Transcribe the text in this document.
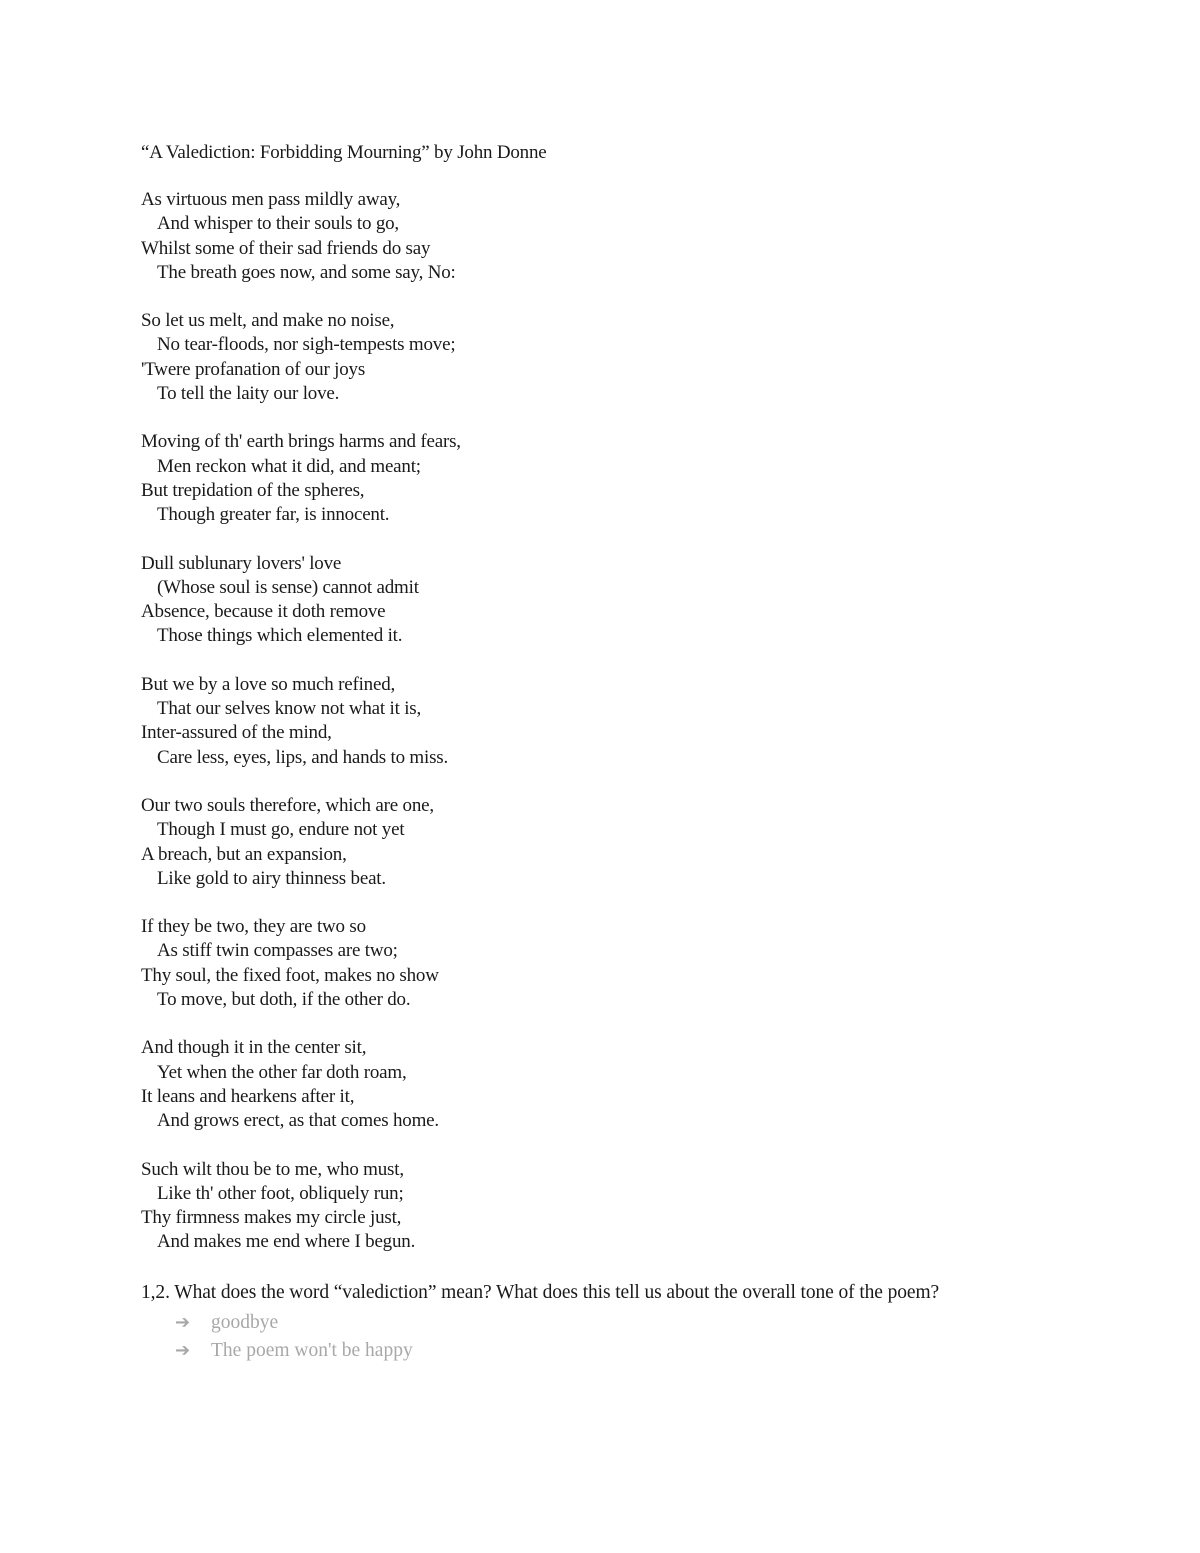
“A Valediction: Forbidding Mourning” by John Donne
As virtuous men pass mildly away,
And whisper to their souls to go,
Whilst some of their sad friends do say
The breath goes now, and some say, No:
So let us melt, and make no noise,
No tear-floods, nor sigh-tempests move;
'Twere profanation of our joys
To tell the laity our love.
Moving of th' earth brings harms and fears,
Men reckon what it did, and meant;
But trepidation of the spheres,
Though greater far, is innocent.
Dull sublunary lovers' love
(Whose soul is sense) cannot admit
Absence, because it doth remove
Those things which elemented it.
But we by a love so much refined,
That our selves know not what it is,
Inter-assured of the mind,
Care less, eyes, lips, and hands to miss.
Our two souls therefore, which are one,
Though I must go, endure not yet
A breach, but an expansion,
Like gold to airy thinness beat.
If they be two, they are two so
As stiff twin compasses are two;
Thy soul, the fixed foot, makes no show
To move, but doth, if the other do.
And though it in the center sit,
Yet when the other far doth roam,
It leans and hearkens after it,
And grows erect, as that comes home.
Such wilt thou be to me, who must,
Like th' other foot, obliquely run;
Thy firmness makes my circle just,
And makes me end where I begun.
1,2. What does the word “valediction” mean? What does this tell us about the overall tone of the poem?
➔	goodbye
➔	The poem won't be happy
